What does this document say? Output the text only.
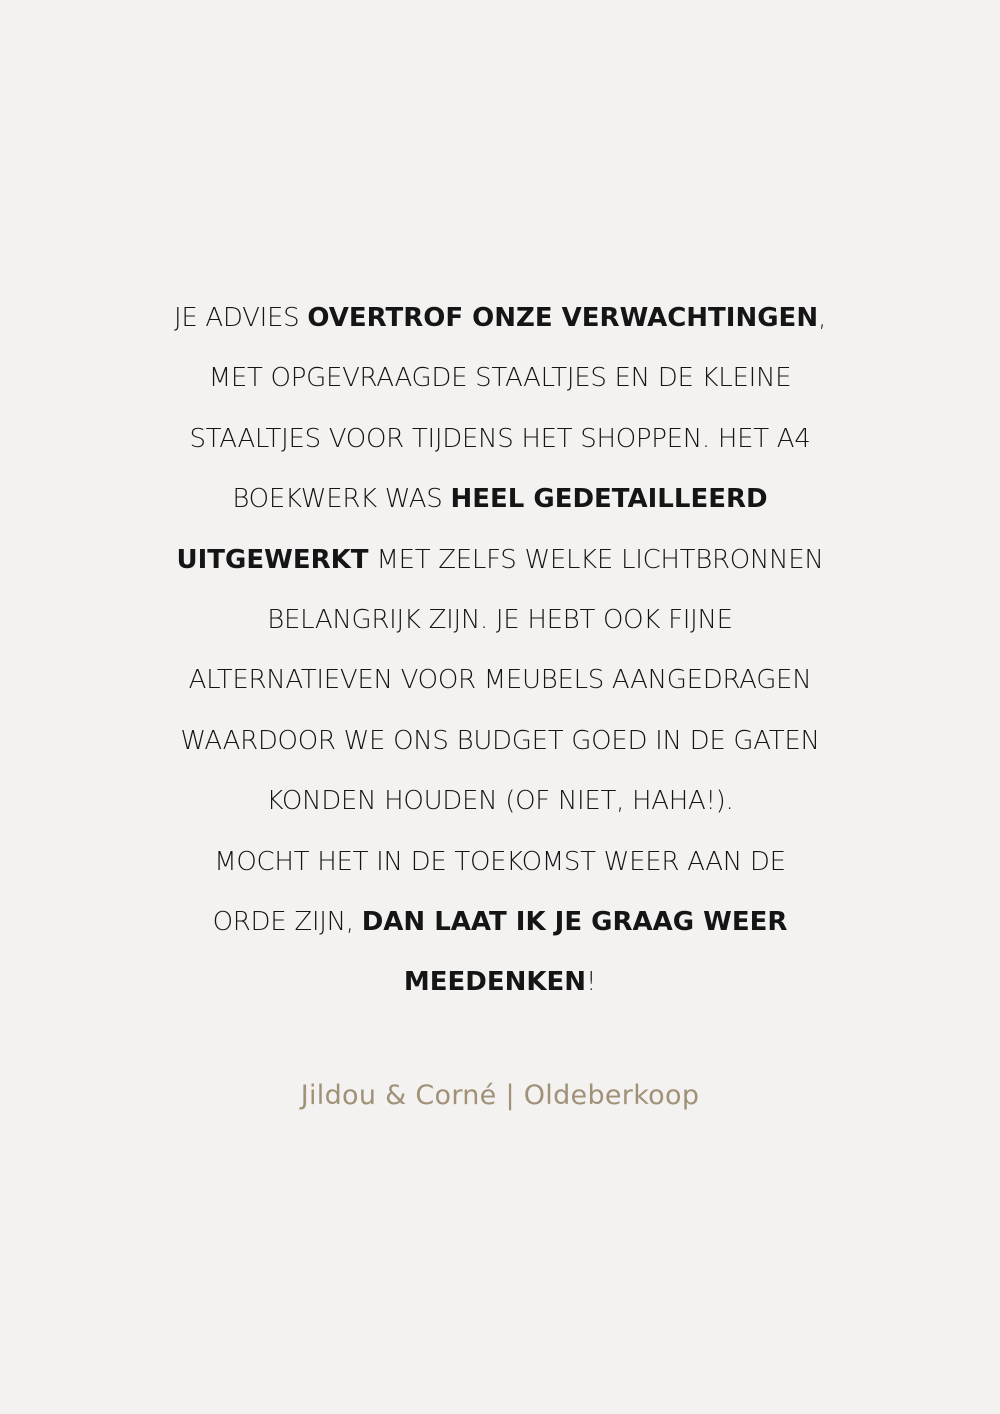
JE ADVIES OVERTROF ONZE VERWACHTINGEN,
MET OPGEVRAAGDE STAALTJES EN DE KLEINE
STAALTJES VOOR TIJDENS HET SHOPPEN. HET A4
BOEKWERK WAS HEEL GEDETAILLEERD
UITGEWERKT MET ZELFS WELKE LICHTBRONNEN
BELANGRIJK ZIJN. JE HEBT OOK FIJNE
ALTERNATIEVEN VOOR MEUBELS AANGEDRAGEN
WAARDOOR WE ONS BUDGET GOED IN DE GATEN
KONDEN HOUDEN (OF NIET, HAHA!).
MOCHT HET IN DE TOEKOMST WEER AAN DE
ORDE ZIJN, DAN LAAT IK JE GRAAG WEER
MEEDENKEN!
Jildou & Corné | Oldeberkoop
